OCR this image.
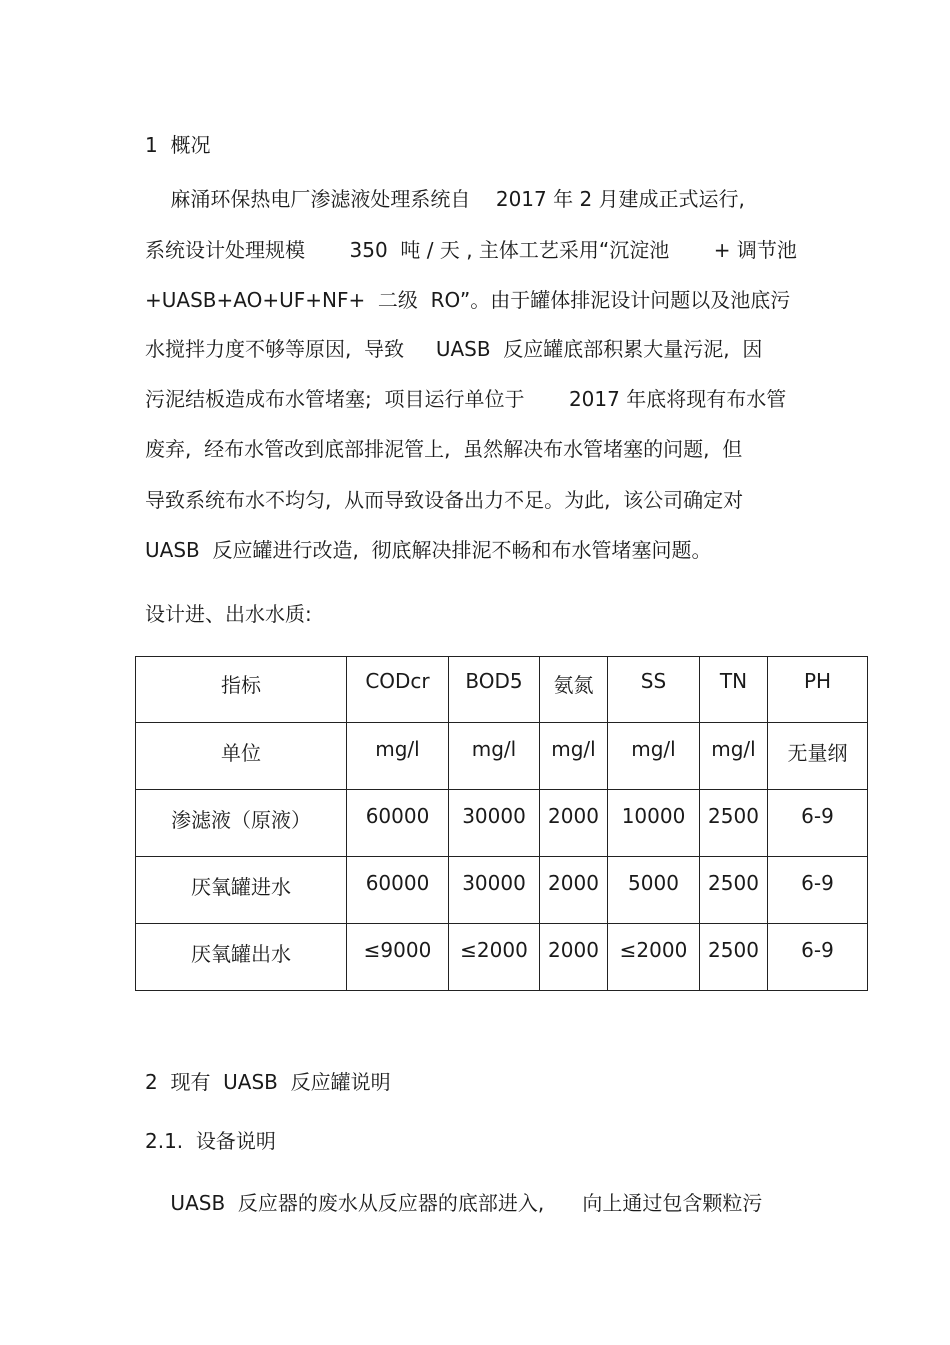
1  概况
麻涌环保热电厂渗滤液处理系统自    2017 年 2 月建成正式运行,
系统设计处理规模       350  吨 / 天 , 主体工艺采用“沉淀池       + 调节池
+UASB+AO+UF+NF+  二级  RO”。由于罐体排泥设计问题以及池底污
水搅拌力度不够等原因,  导致     UASB  反应罐底部积累大量污泥,  因
污泥结板造成布水管堵塞;  项目运行单位于       2017 年底将现有布水管
废弃,  经布水管改到底部排泥管上,  虽然解决布水管堵塞的问题,  但
导致系统布水不均匀,  从而导致设备出力不足。为此,  该公司确定对
UASB  反应罐进行改造,  彻底解决排泥不畅和布水管堵塞问题。
设计进、出水水质:
指标	CODcr	BOD5	氨氮	SS	TN	PH
单位	mg/l	mg/l	mg/l	mg/l	mg/l	无量纲
渗滤液（原液）	60000	30000	2000	10000	2500	6-9
厌氧罐进水	60000	30000	2000	5000	2500	6-9
厌氧罐出水	≤9000	≤2000	2000	≤2000	2500	6-9
2  现有  UASB  反应罐说明
2.1.  设备说明
UASB  反应器的废水从反应器的底部进入,      向上通过包含颗粒污
